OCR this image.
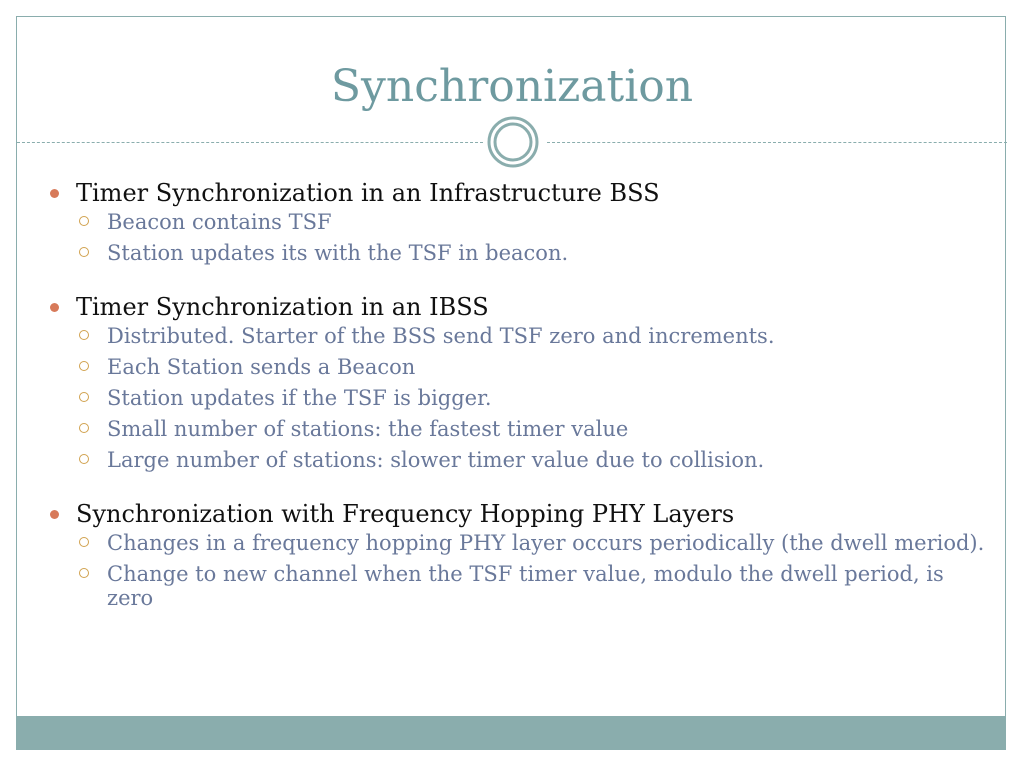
Synchronization

Timer Synchronization in an Infrastructure BSS

Beacon contains TSF

Station updates its with the TSF in beacon.

Timer Synchronization in an IBSS

Distributed. Starter of the BSS send TSF zero and increments.

Each Station sends a Beacon

Station updates if the TSF is bigger.

Small number of stations: the fastest timer value

Large number of stations: slower timer value due to collision.

Synchronization with Frequency Hopping PHY Layers

Changes in a frequency hopping PHY layer occurs periodically (the dwell meriod).

Change to new channel when the TSF timer value, modulo the dwell period, is zero
